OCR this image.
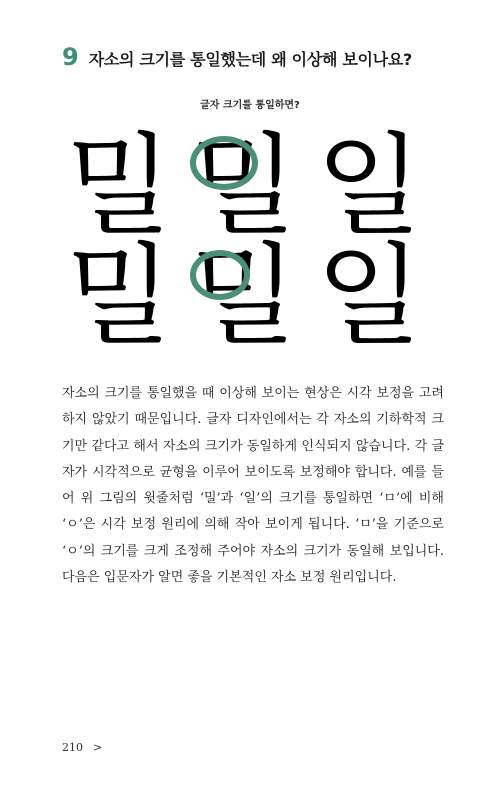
9 자소의 크기를 통일했는데 왜 이상해 보이나요?
글자 크기를 통일하면?
밀 밀 일
밀 밀 일

자소의 크기를 통일했을 때 이상해 보이는 현상은 시각 보정을 고려하지 않았기 때문입니다. 글자 디자인에서는 각 자소의 기하학적 크기만 같다고 해서 자소의 크기가 동일하게 인식되지 않습니다. 각 글자가 시각적으로 균형을 이루어 보이도록 보정해야 합니다. 예를 들어 위 그림의 윗줄처럼 ‘밀’과 ‘일’의 크기를 통일하면 ‘ㅁ’에 비해 ‘ㅇ’은 시각 보정 원리에 의해 작아 보이게 됩니다. ‘ㅁ’을 기준으로 ‘ㅇ’의 크기를 크게 조정해 주어야 자소의 크기가 동일해 보입니다. 다음은 입문자가 알면 좋을 기본적인 자소 보정 원리입니다.

210 >
